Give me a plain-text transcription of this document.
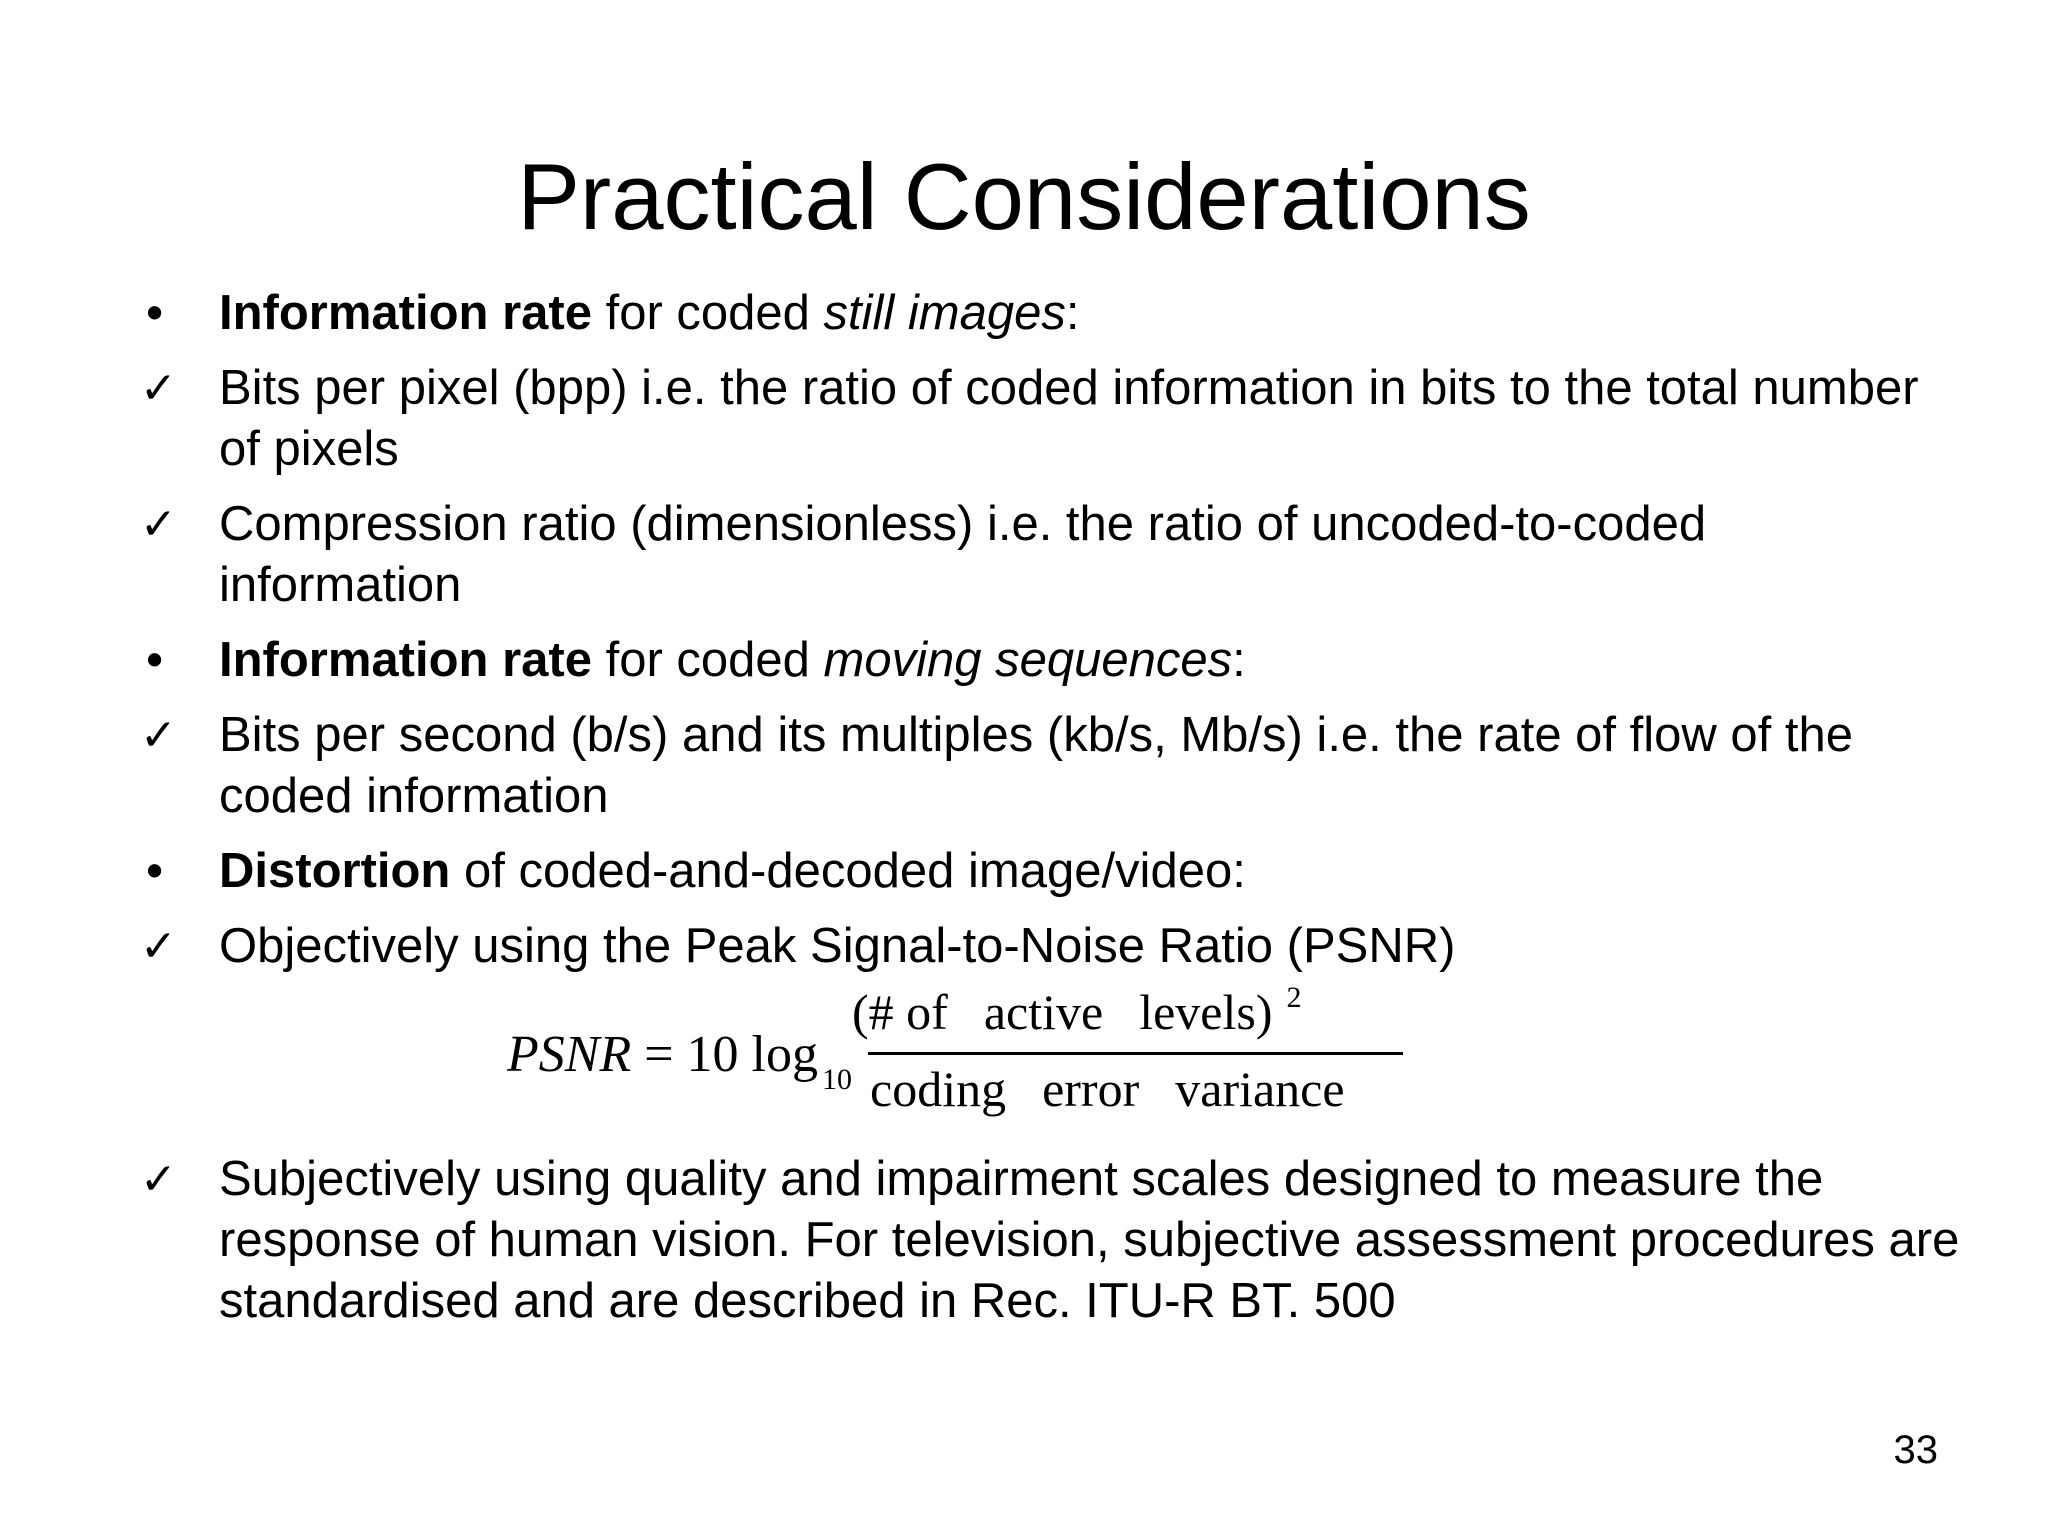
Practical Considerations
•	Information rate for coded still images:
✓ Bits per pixel (bpp) i.e. the ratio of coded information in bits to the total number of pixels
✓ Compression ratio (dimensionless) i.e. the ratio of uncoded-to-coded information
•	Information rate for coded moving sequences:
✓ Bits per second (b/s) and its multiples (kb/s, Mb/s) i.e. the rate of flow of the coded information
•	Distortion of coded-and-decoded image/video:
✓ Objectively using the Peak Signal-to-Noise Ratio (PSNR)
PSNR = 10 log $_{10}$
(# of active levels) $^2$
coding error variance
✓ Subjectively using quality and impairment scales designed to measure the response of human vision. For television, subjective assessment procedures are standardised and are described in Rec. ITU-R BT. 500
33
